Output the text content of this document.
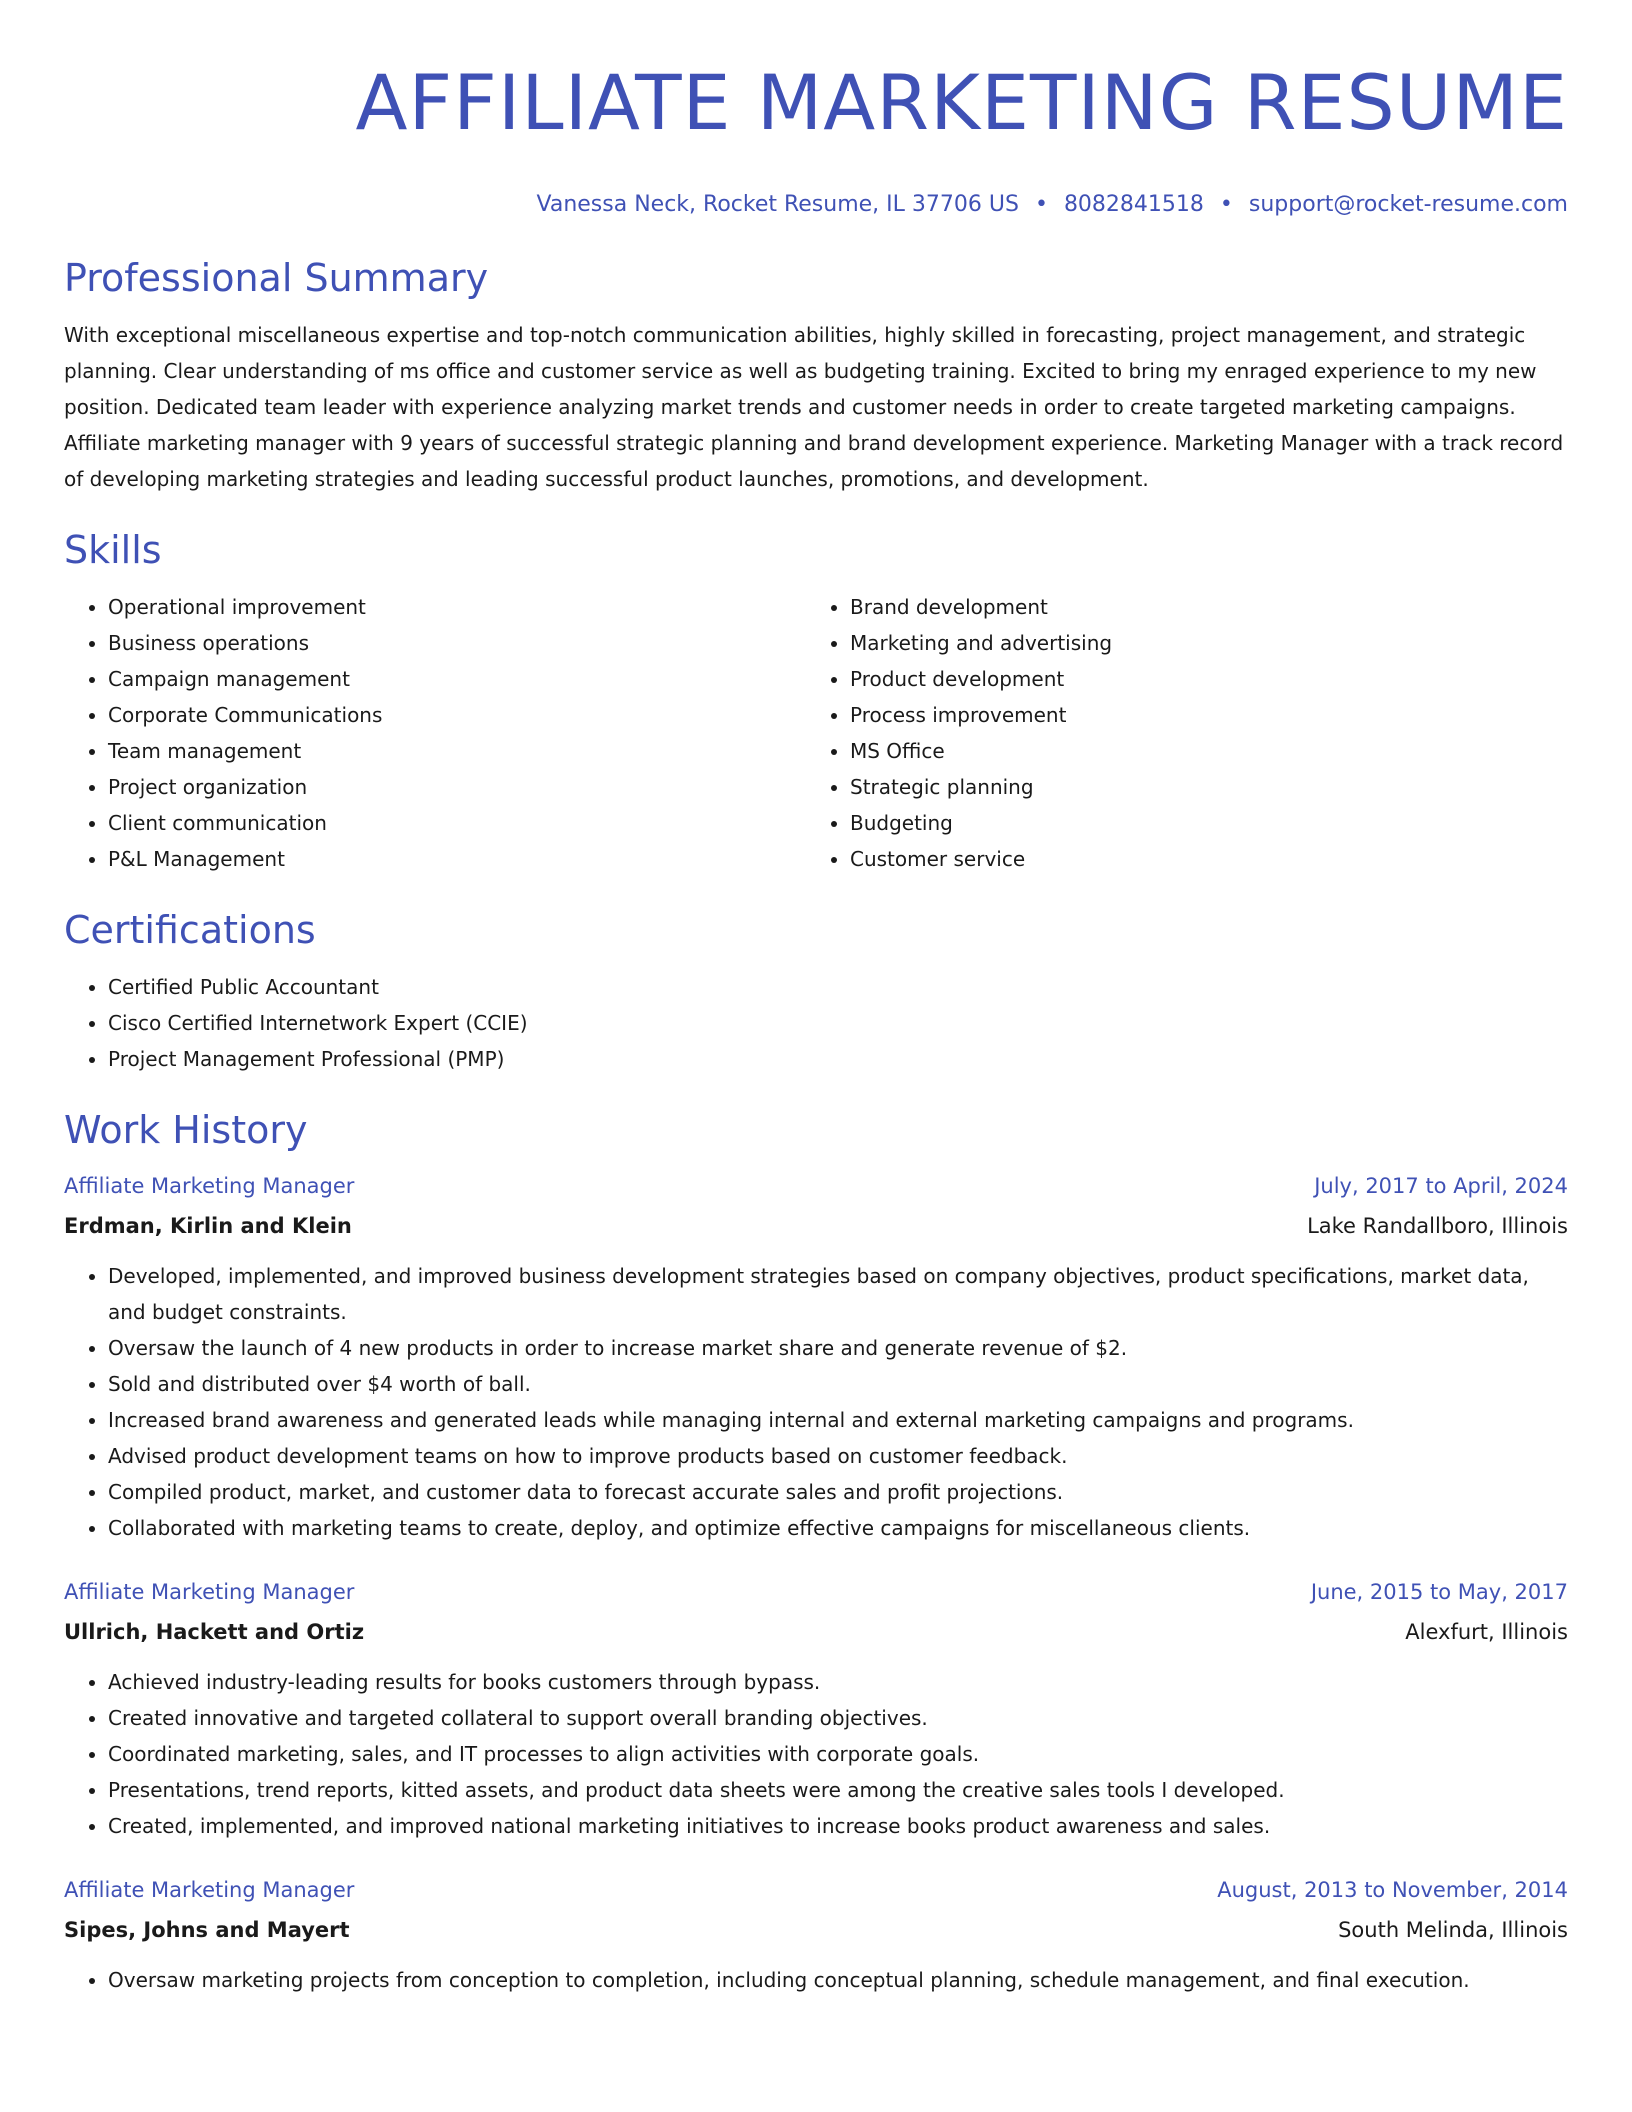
AFFILIATE MARKETING RESUME
Vanessa Neck, Rocket Resume, IL 37706 US • 8082841518 • support@rocket-resume.com
Professional Summary

With exceptional miscellaneous expertise and top-notch communication abilities, highly skilled in forecasting, project management, and strategic planning. Clear understanding of ms office and customer service as well as budgeting training. Excited to bring my enraged experience to my new position. Dedicated team leader with experience analyzing market trends and customer needs in order to create targeted marketing campaigns. Affiliate marketing manager with 9 years of successful strategic planning and brand development experience. Marketing Manager with a track record of developing marketing strategies and leading successful product launches, promotions, and development.

Skills
• Operational improvement
• Business operations
• Campaign management
• Corporate Communications
• Team management
• Project organization
• Client communication
• P&L Management
• Brand development
• Marketing and advertising
• Product development
• Process improvement
• MS Office
• Strategic planning
• Budgeting
• Customer service
Certifications
• Certified Public Accountant
• Cisco Certified Internetwork Expert (CCIE)
• Project Management Professional (PMP)
Work History
Affiliate Marketing Manager	July, 2017 to April, 2024
Erdman, Kirlin and Klein	Lake Randallboro, Illinois
• Developed, implemented, and improved business development strategies based on company objectives, product specifications, market data, and budget constraints.
• Oversaw the launch of 4 new products in order to increase market share and generate revenue of $2.
• Sold and distributed over $4 worth of ball.
• Increased brand awareness and generated leads while managing internal and external marketing campaigns and programs.
• Advised product development teams on how to improve products based on customer feedback.
• Compiled product, market, and customer data to forecast accurate sales and profit projections.
• Collaborated with marketing teams to create, deploy, and optimize effective campaigns for miscellaneous clients.
Affiliate Marketing Manager	June, 2015 to May, 2017
Ullrich, Hackett and Ortiz	Alexfurt, Illinois
• Achieved industry-leading results for books customers through bypass.
• Created innovative and targeted collateral to support overall branding objectives.
• Coordinated marketing, sales, and IT processes to align activities with corporate goals.
• Presentations, trend reports, kitted assets, and product data sheets were among the creative sales tools I developed.
• Created, implemented, and improved national marketing initiatives to increase books product awareness and sales.
Affiliate Marketing Manager	August, 2013 to November, 2014
Sipes, Johns and Mayert	South Melinda, Illinois
• Oversaw marketing projects from conception to completion, including conceptual planning, schedule management, and final execution.
